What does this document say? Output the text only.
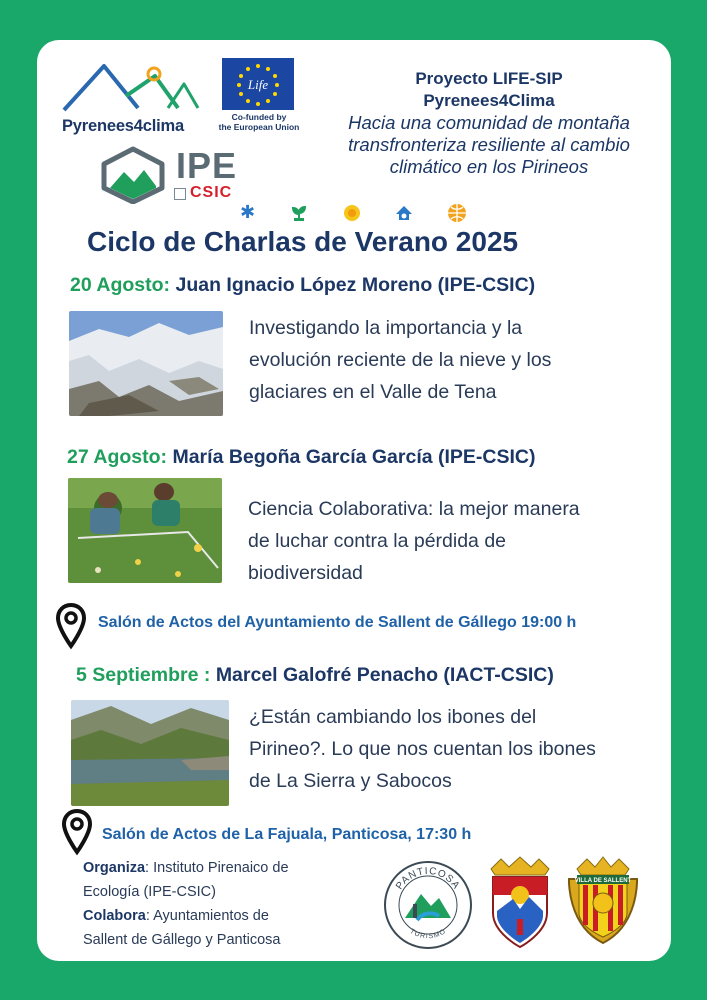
Pyrenees4clima
Life
Co-funded by
the European Union
IPE
CSIC
Proyecto LIFE-SIP
Pyrenees4Clima
Hacia una comunidad de montaña
transfronteriza resiliente al cambio
climático en los Pirineos
✱
Ciclo de Charlas de Verano 2025
20 Agosto: Juan Ignacio López Moreno (IPE-CSIC)
Investigando la importancia y la
evolución reciente de la nieve y los
glaciares en el Valle de Tena
27 Agosto: María Begoña García García (IPE-CSIC)
Ciencia Colaborativa: la mejor manera
de luchar contra la pérdida de
biodiversidad
Salón de Actos del Ayuntamiento de Sallent de Gállego 19:00 h
5 Septiembre : Marcel Galofré Penacho (IACT-CSIC)
¿Están cambiando los ibones del
Pirineo?. Lo que nos cuentan los ibones
de La Sierra y Sabocos
Salón de Actos de La Fajuala, Panticosa, 17:30 h
Organiza: Instituto Pirenaico de
Ecología (IPE-CSIC)
Colabora: Ayuntamientos de
Sallent de Gállego y Panticosa
PANTICOSA
TURISMO
VILLA DE SALLENT
